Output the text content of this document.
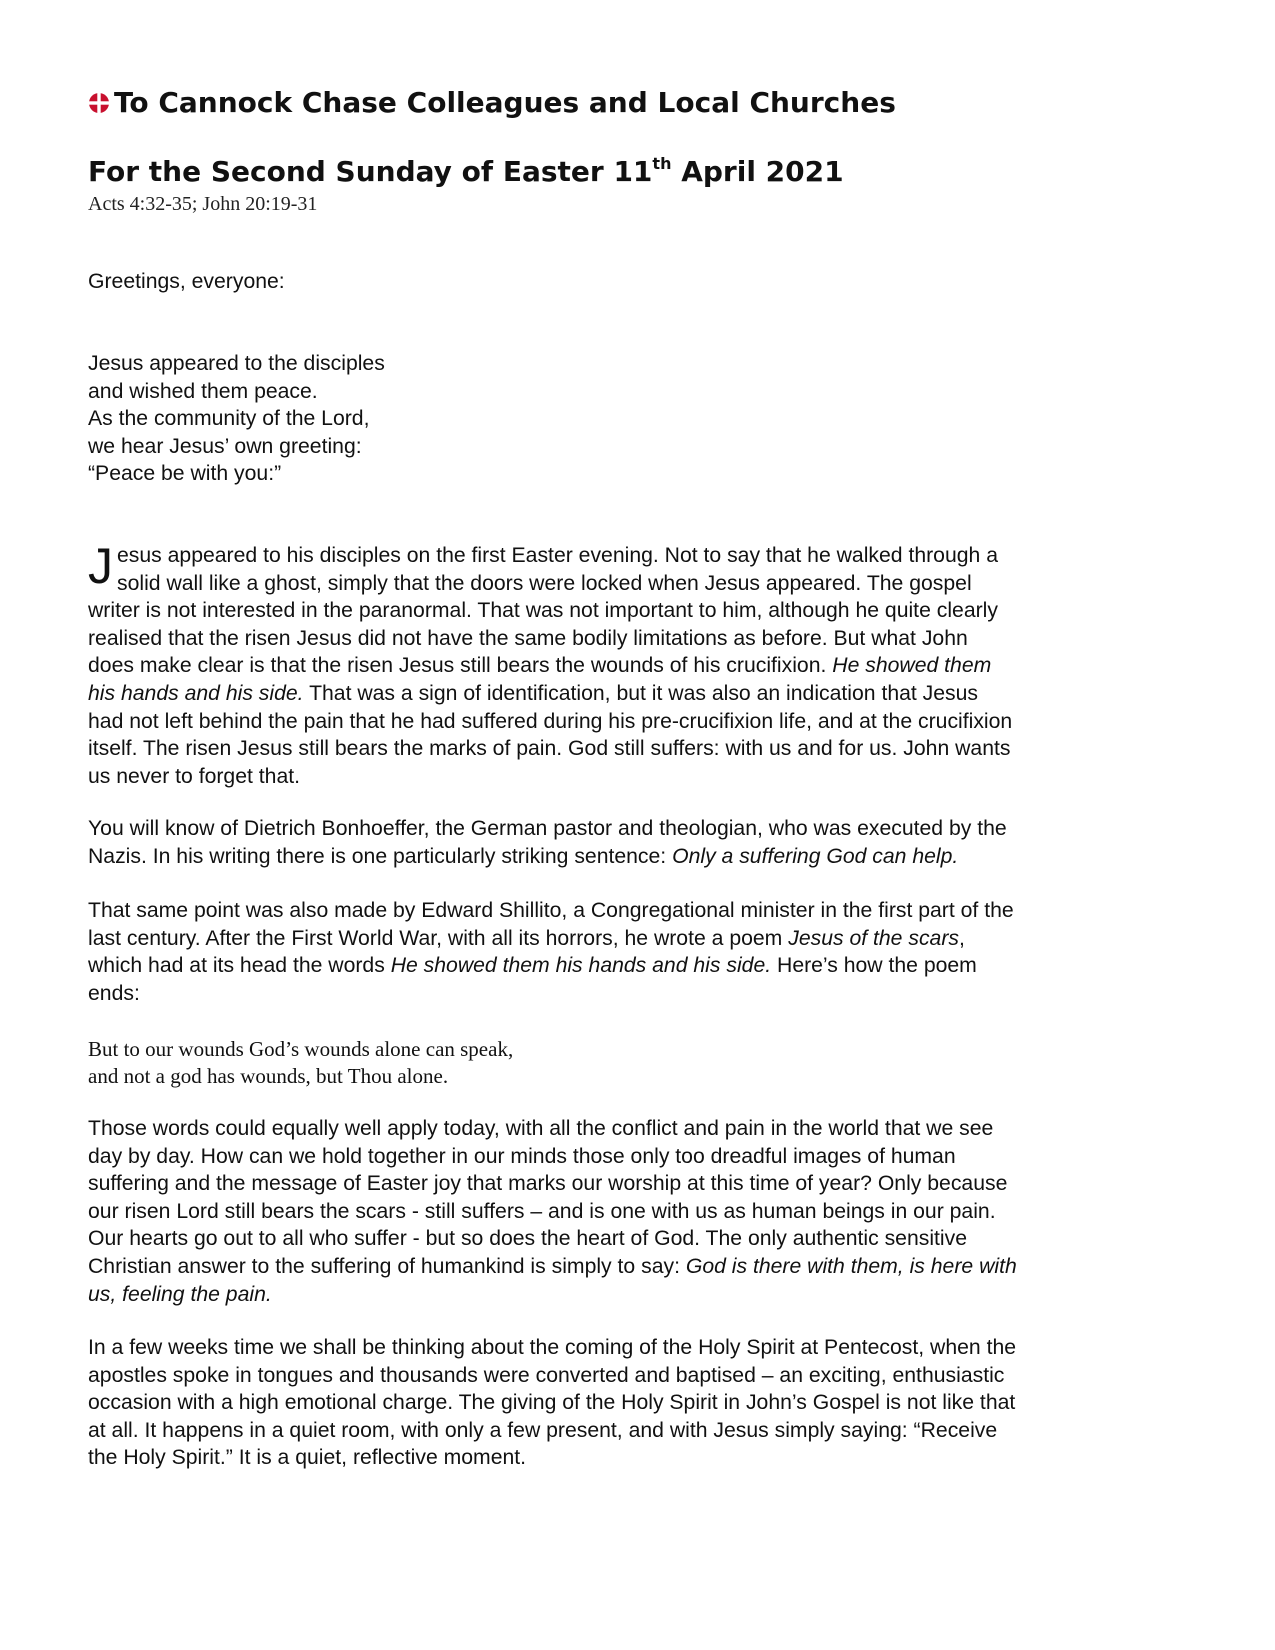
To Cannock Chase Colleagues and Local Churches
For the Second Sunday of Easter 11th April 2021
Acts 4:32-35; John 20:19-31
Greetings, everyone:
Jesus appeared to the disciples
and wished them peace.
As the community of the Lord,
we hear Jesus’ own greeting:
“Peace be with you:”
J esus appeared to his disciples on the first Easter evening. Not to say that he walked through a
solid wall like a ghost, simply that the doors were locked when Jesus appeared. The gospel
writer is not interested in the paranormal. That was not important to him, although he quite clearly
realised that the risen Jesus did not have the same bodily limitations as before. But what John
does make clear is that the risen Jesus still bears the wounds of his crucifixion. He showed them
his hands and his side. That was a sign of identification, but it was also an indication that Jesus
had not left behind the pain that he had suffered during his pre-crucifixion life, and at the crucifixion
itself. The risen Jesus still bears the marks of pain. God still suffers: with us and for us. John wants
us never to forget that.
You will know of Dietrich Bonhoeffer, the German pastor and theologian, who was executed by the
Nazis. In his writing there is one particularly striking sentence: Only a suffering God can help.
That same point was also made by Edward Shillito, a Congregational minister in the first part of the
last century. After the First World War, with all its horrors, he wrote a poem Jesus of the scars,
which had at its head the words He showed them his hands and his side. Here’s how the poem
ends:
But to our wounds God’s wounds alone can speak,
and not a god has wounds, but Thou alone.
Those words could equally well apply today, with all the conflict and pain in the world that we see
day by day. How can we hold together in our minds those only too dreadful images of human
suffering and the message of Easter joy that marks our worship at this time of year? Only because
our risen Lord still bears the scars - still suffers – and is one with us as human beings in our pain.
Our hearts go out to all who suffer - but so does the heart of God. The only authentic sensitive
Christian answer to the suffering of humankind is simply to say: God is there with them, is here with
us, feeling the pain.
In a few weeks time we shall be thinking about the coming of the Holy Spirit at Pentecost, when the
apostles spoke in tongues and thousands were converted and baptised – an exciting, enthusiastic
occasion with a high emotional charge. The giving of the Holy Spirit in John’s Gospel is not like that
at all. It happens in a quiet room, with only a few present, and with Jesus simply saying: “Receive
the Holy Spirit.” It is a quiet, reflective moment.
